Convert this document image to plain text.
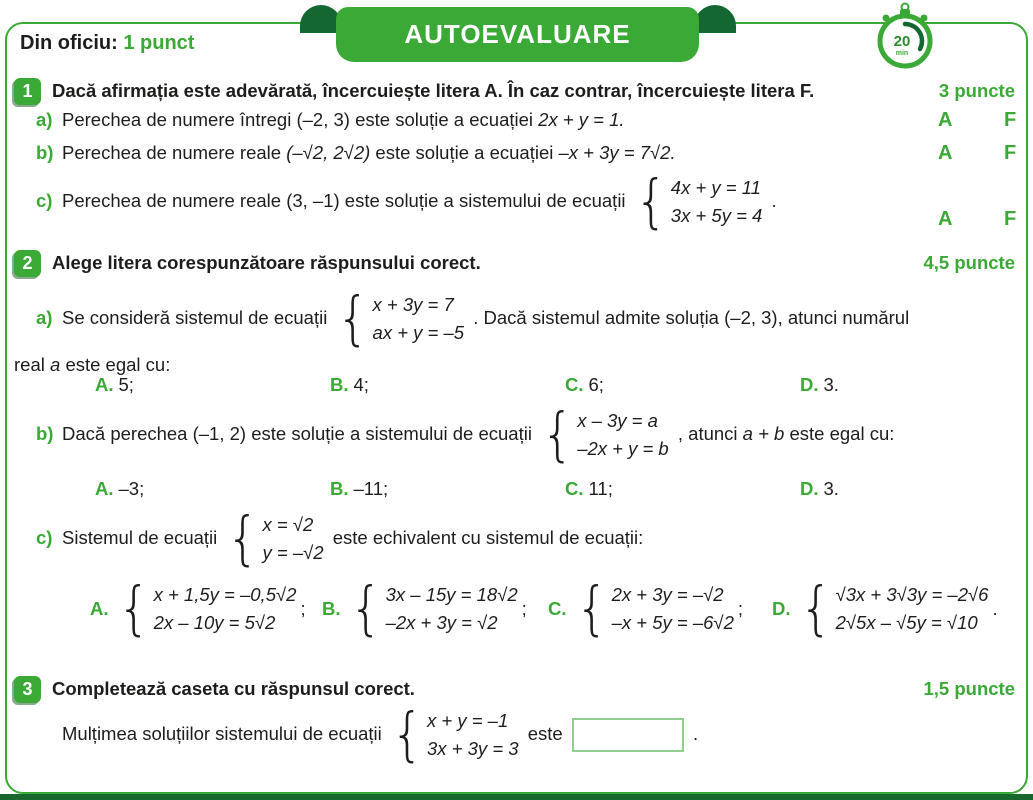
Din oficiu: 1 punct	AUTOEVALUARE	20
min
1 Dacă afirmația este adevărată, încercuiește litera A. În caz contrar, încercuiește litera F.	3 puncte
a) Perechea de numere întregi (–2, 3) este soluție a ecuației 2x + y = 1.	A	F
b) Perechea de numere reale (–√2, 2√2) este soluție a ecuației –x + 3y = 7√2.	A	F
c) Perechea de numere reale (3, –1) este soluție a sistemului de ecuații { 4x + y = 11
3x + 5y = 4
.
A	F
2 Alege litera corespunzătoare răspunsului corect.	4,5 puncte
a) Se consideră sistemul de ecuații { x + 3y = 7
ax + y = –5
. Dacă sistemul admite soluția (–2, 3), atunci numărul
real a este egal cu:
A. 5;	B. 4;	C. 6;	D. 3.
b) Dacă perechea (–1, 2) este soluție a sistemului de ecuații { x – 3y = a
–2x + y = b
, atunci a + b este egal cu:
A. –3;	B. –11;	C. 11;	D. 3.
c) Sistemul de ecuații { x = √2
y = –√2
este echivalent cu sistemul de ecuații:
A. { x + 1,5y = –0,5√2
2x – 10y = 5√2
; B. { 3x – 15y = 18√2
–2x + 3y = √2
; C. { 2x + 3y = –√2
–x + 5y = –6√2
; D. { √3x + 3√3y = –2√6
2√5x – √5y = √10
.
3 Completează caseta cu răspunsul corect.	1,5 puncte
Mulțimea soluțiilor sistemului de ecuații { x + y = –1
3x + 3y = 3
este	.
